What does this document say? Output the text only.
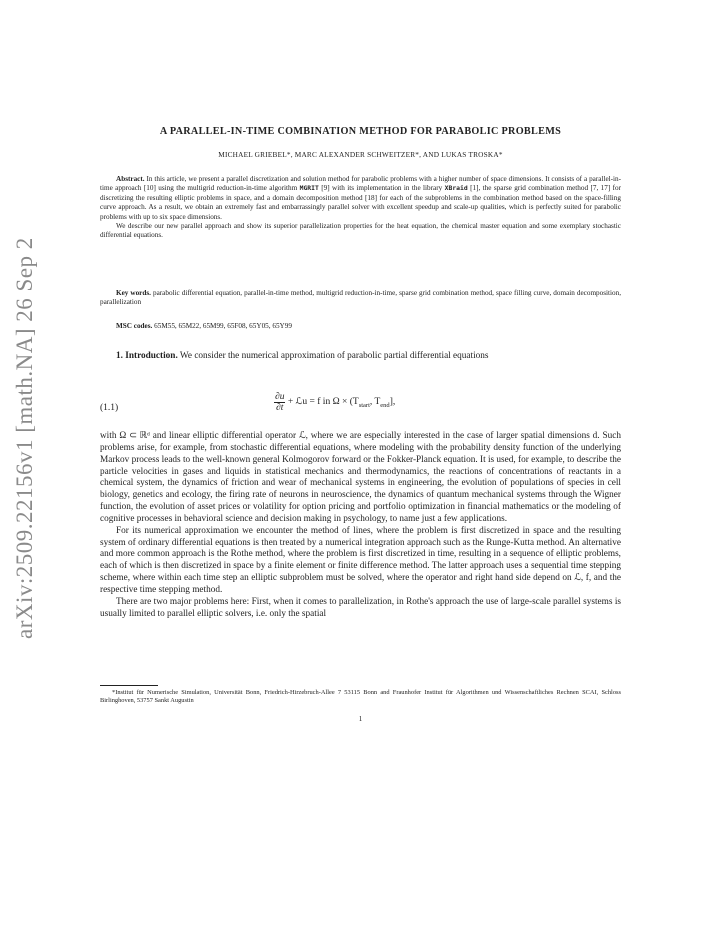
arXiv:2509.22156v1 [math.NA] 26 Sep 2025
A PARALLEL-IN-TIME COMBINATION METHOD FOR PARABOLIC PROBLEMS
MICHAEL GRIEBEL*, MARC ALEXANDER SCHWEITZER*, AND LUKAS TROSKA*

Abstract. In this article, we present a parallel discretization and solution method for parabolic problems with a higher number of space dimensions. It consists of a parallel-in-time approach [10] using the multigrid reduction-in-time algorithm MGRIT [9] with its implementation in the library XBraid [1], the sparse grid combination method [7, 17] for discretizing the resulting elliptic problems in space, and a domain decomposition method [18] for each of the subproblems in the combination method based on the space-filling curve approach. As a result, we obtain an extremely fast and embarrassingly parallel solver with excellent speedup and scale-up qualities, which is perfectly suited for parabolic problems with up to six space dimensions.

We describe our new parallel approach and show its superior parallelization properties for the heat equation, the chemical master equation and some exemplary stochastic differential equations.

Key words. parabolic differential equation, parallel-in-time method, multigrid reduction-in-time, sparse grid combination method, space filling curve, domain decomposition, parallelization

MSC codes. 65M55, 65M22, 65M99, 65F08, 65Y05, 65Y99

1. Introduction. We consider the numerical approximation of parabolic partial differential equations

(1.1)	$\frac{\partial u}{\partial t}$ + ℒu = f in $\Omega \times (T_{start}$, $T_{end}$],

with Ω ⊂ ℝᵈ and linear elliptic differential operator ℒ, where we are especially interested in the case of larger spatial dimensions d. Such problems arise, for example, from stochastic differential equations, where modeling with the probability density function of the underlying Markov process leads to the well-known general Kolmogorov forward or the Fokker-Planck equation. It is used, for example, to describe the particle velocities in gases and liquids in statistical mechanics and thermodynamics, the reactions of concentrations of reactants in a chemical system, the dynamics of friction and wear of mechanical systems in engineering, the evolution of populations of species in cell biology, genetics and ecology, the firing rate of neurons in neuroscience, the dynamics of quantum mechanical systems through the Wigner function, the evolution of asset prices or volatility for option pricing and portfolio optimization in financial mathematics or the modeling of cognitive processes in behavioral science and decision making in psychology, to name just a few applications.

For its numerical approximation we encounter the method of lines, where the problem is first discretized in space and the resulting system of ordinary differential equations is then treated by a numerical integration approach such as the Runge-Kutta method. An alternative and more common approach is the Rothe method, where the problem is first discretized in time, resulting in a sequence of elliptic problems, each of which is then discretized in space by a finite element or finite difference method. The latter approach uses a sequential time stepping scheme, where within each time step an elliptic subproblem must be solved, where the operator and right hand side depend on ℒ, f, and the respective time stepping method.

There are two major problems here: First, when it comes to parallelization, in Rothe's approach the use of large-scale parallel systems is usually limited to parallel elliptic solvers, i.e. only the spatial

*Institut für Numerische Simulation, Universität Bonn, Friedrich-Hirzebruch-Allee 7 53115 Bonn and Fraunhofer Institut für Algorithmen und Wissenschaftliches Rechnen SCAI, Schloss Birlinghoven, 53757 Sankt Augustin
1
